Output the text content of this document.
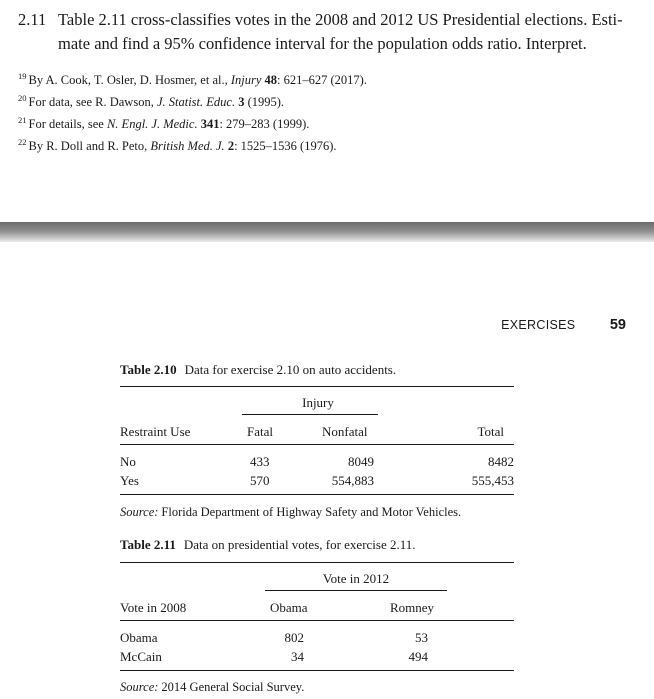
2.11 Table 2.11 cross-classifies votes in the 2008 and 2012 US Presidential elections. Esti-
mate and find a 95% confidence interval for the population odds ratio. Interpret.
$^{19}$ By A. Cook, T. Osler, D. Hosmer, et al., Injury 48: 621–627 (2017).
$^{20}$ For data, see R. Dawson, J. Statist. Educ. 3 (1995).
$^{21}$ For details, see N. Engl. J. Medic. 341: 279–283 (1999).
$^{22}$ By R. Doll and R. Peto, British Med. J. 2: 1525–1536 (1976).
EXERCISES 59
Table 2.10 Data for exercise 2.10 on auto accidents.
Injury
Restraint Use	Fatal	Nonfatal	Total
No	433	8049	8482
Yes	570	554,883	555,453
Source: Florida Department of Highway Safety and Motor Vehicles.
Table 2.11 Data on presidential votes, for exercise 2.11.
Vote in 2012
Vote in 2008	Obama	Romney
Obama	802	53
McCain	34	494
Source: 2014 General Social Survey.
